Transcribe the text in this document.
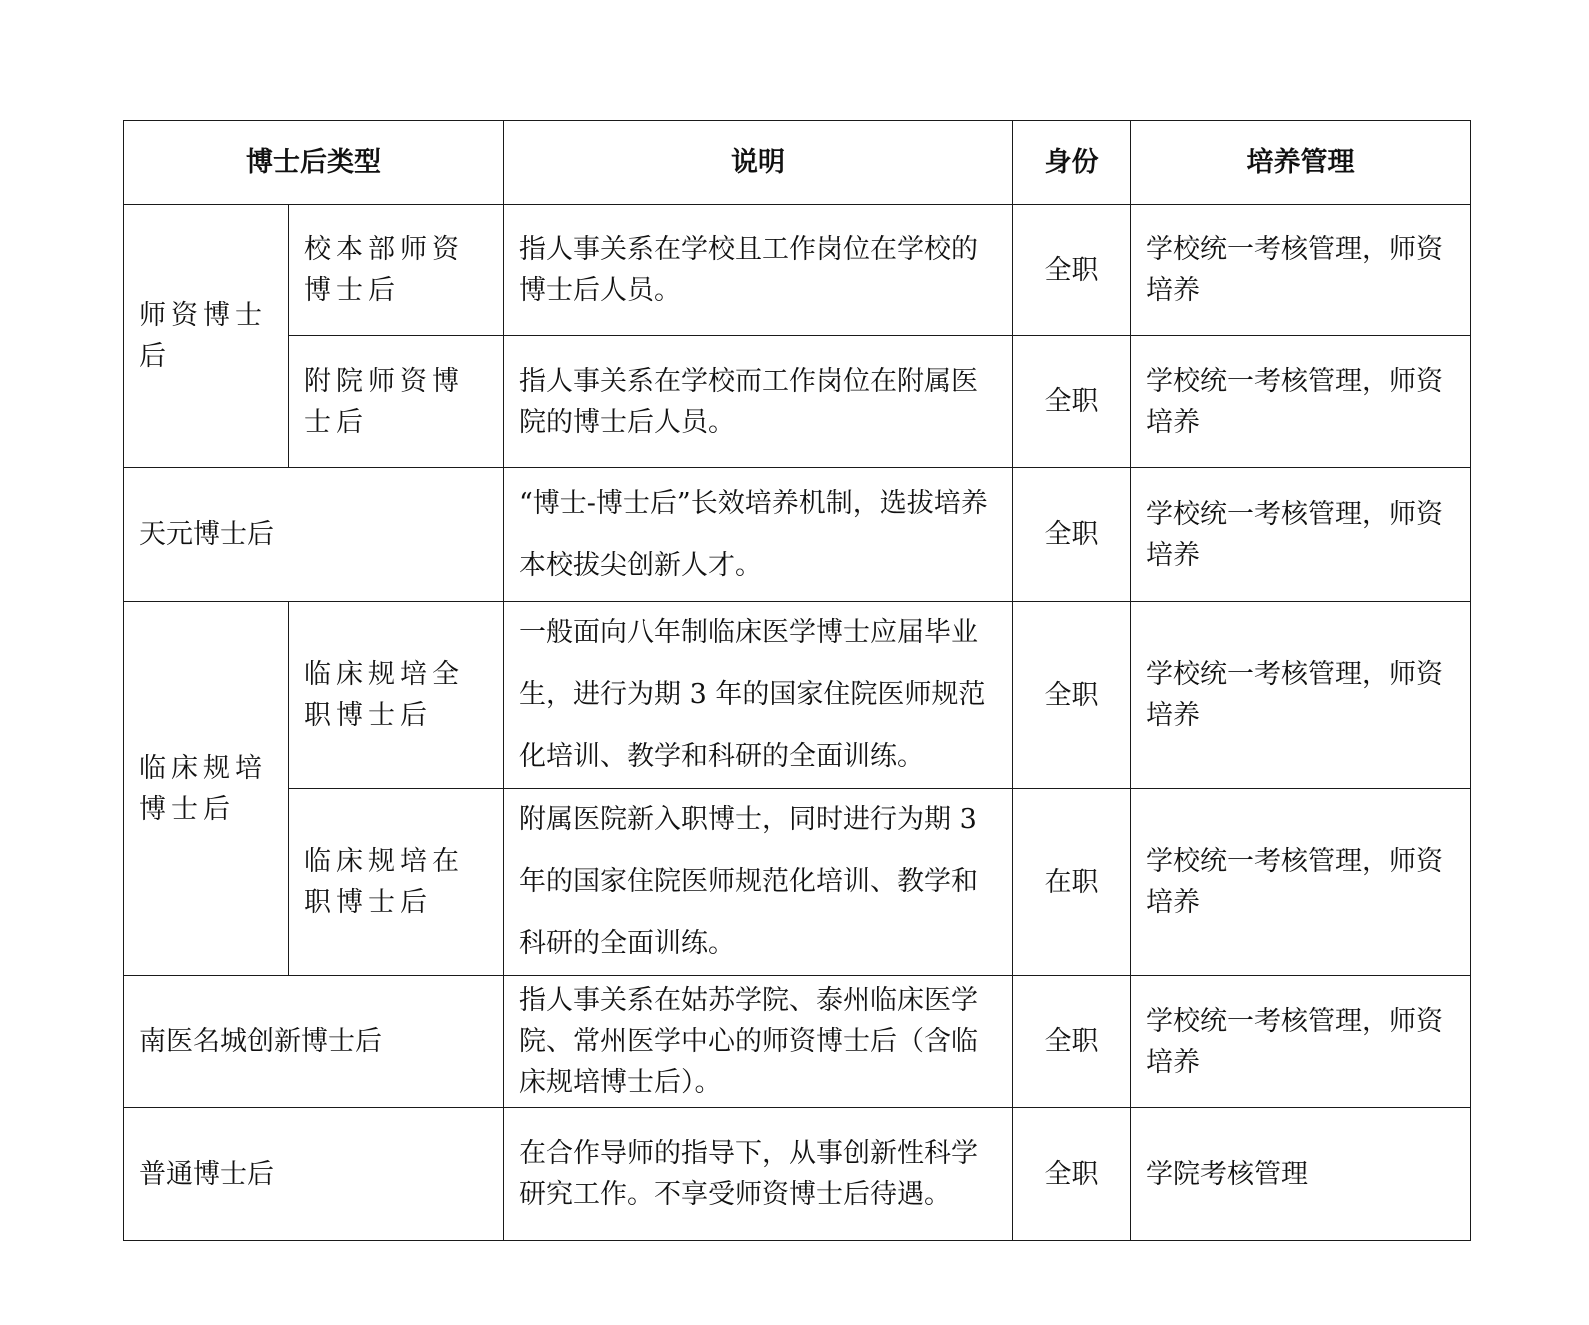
博士后类型		说明	身份	培养管理
师资博士后	校本部师资博士后	指人事关系在学校且工作岗位在学校的博士后人员。	全职	学校统一考核管理，师资培养
	附院师资博士后	指人事关系在学校而工作岗位在附属医院的博士后人员。	全职	学校统一考核管理，师资培养
天元博士后		“博士-博士后”长效培养机制，选拔培养本校拔尖创新人才。	全职	学校统一考核管理，师资培养
临床规培博士后	临床规培全职博士后	一般面向八年制临床医学博士应届毕业生，进行为期 3 年的国家住院医师规范化培训、教学和科研的全面训练。	全职	学校统一考核管理，师资培养
	临床规培在职博士后	附属医院新入职博士，同时进行为期 3 年的国家住院医师规范化培训、教学和科研的全面训练。	在职	学校统一考核管理，师资培养
南医名城创新博士后		指人事关系在姑苏学院、泰州临床医学院、常州医学中心的师资博士后（含临床规培博士后）。	全职	学校统一考核管理，师资培养
普通博士后		在合作导师的指导下，从事创新性科学研究工作。不享受师资博士后待遇。	全职	学院考核管理
